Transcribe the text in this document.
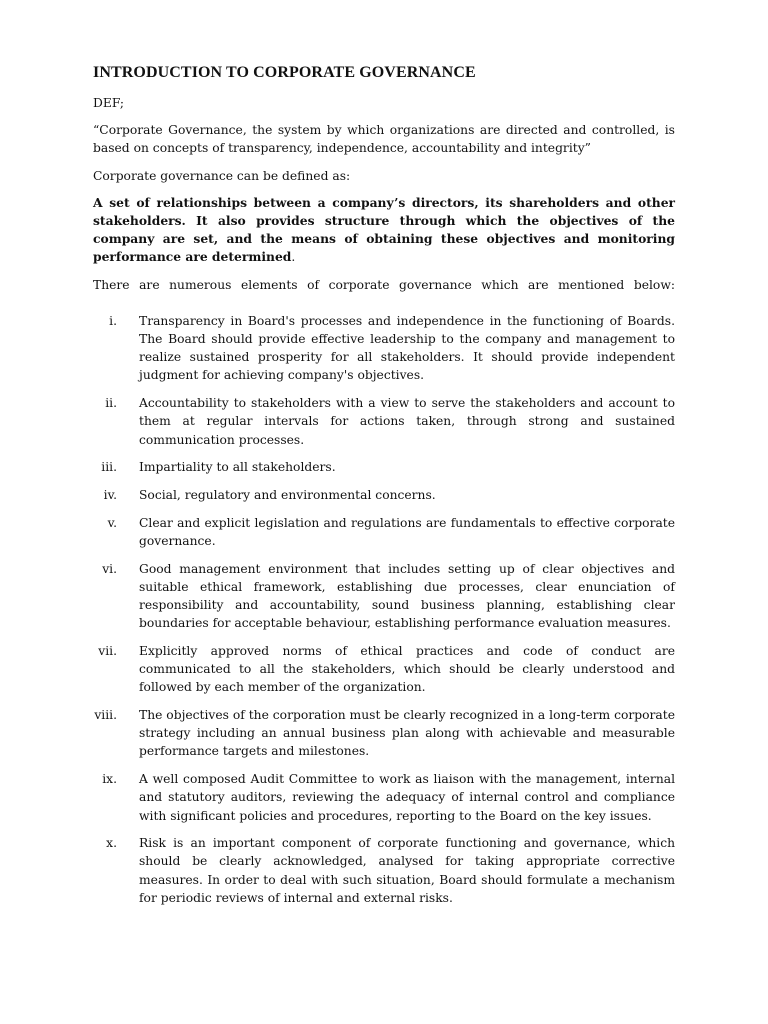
INTRODUCTION TO CORPORATE GOVERNANCE

DEF;

“Corporate Governance, the system by which organizations are directed and controlled, is based on concepts of transparency, independence, accountability and integrity”

Corporate governance can be defined as:

A set of relationships between a company’s directors, its shareholders and other stakeholders. It also provides structure through which the objectives of the company are set, and the means of obtaining these objectives and monitoring performance are determined.

There are numerous elements of corporate governance which are mentioned below:

i. Transparency in Board's processes and independence in the functioning of Boards. The Board should provide effective leadership to the company and management to realize sustained prosperity for all stakeholders. It should provide independent judgment for achieving company's objectives.
ii. Accountability to stakeholders with a view to serve the stakeholders and account to them at regular intervals for actions taken, through strong and sustained communication processes.
iii. Impartiality to all stakeholders.
iv. Social, regulatory and environmental concerns.
v. Clear and explicit legislation and regulations are fundamentals to effective corporate governance.
vi. Good management environment that includes setting up of clear objectives and suitable ethical framework, establishing due processes, clear enunciation of responsibility and accountability, sound business planning, establishing clear boundaries for acceptable behaviour, establishing performance evaluation measures.
vii. Explicitly approved norms of ethical practices and code of conduct are communicated to all the stakeholders, which should be clearly understood and followed by each member of the organization.
viii. The objectives of the corporation must be clearly recognized in a long-term corporate strategy including an annual business plan along with achievable and measurable performance targets and milestones.
ix. A well composed Audit Committee to work as liaison with the management, internal and statutory auditors, reviewing the adequacy of internal control and compliance with significant policies and procedures, reporting to the Board on the key issues.
x. Risk is an important component of corporate functioning and governance, which should be clearly acknowledged, analysed for taking appropriate corrective measures. In order to deal with such situation, Board should formulate a mechanism for periodic reviews of internal and external risks.
